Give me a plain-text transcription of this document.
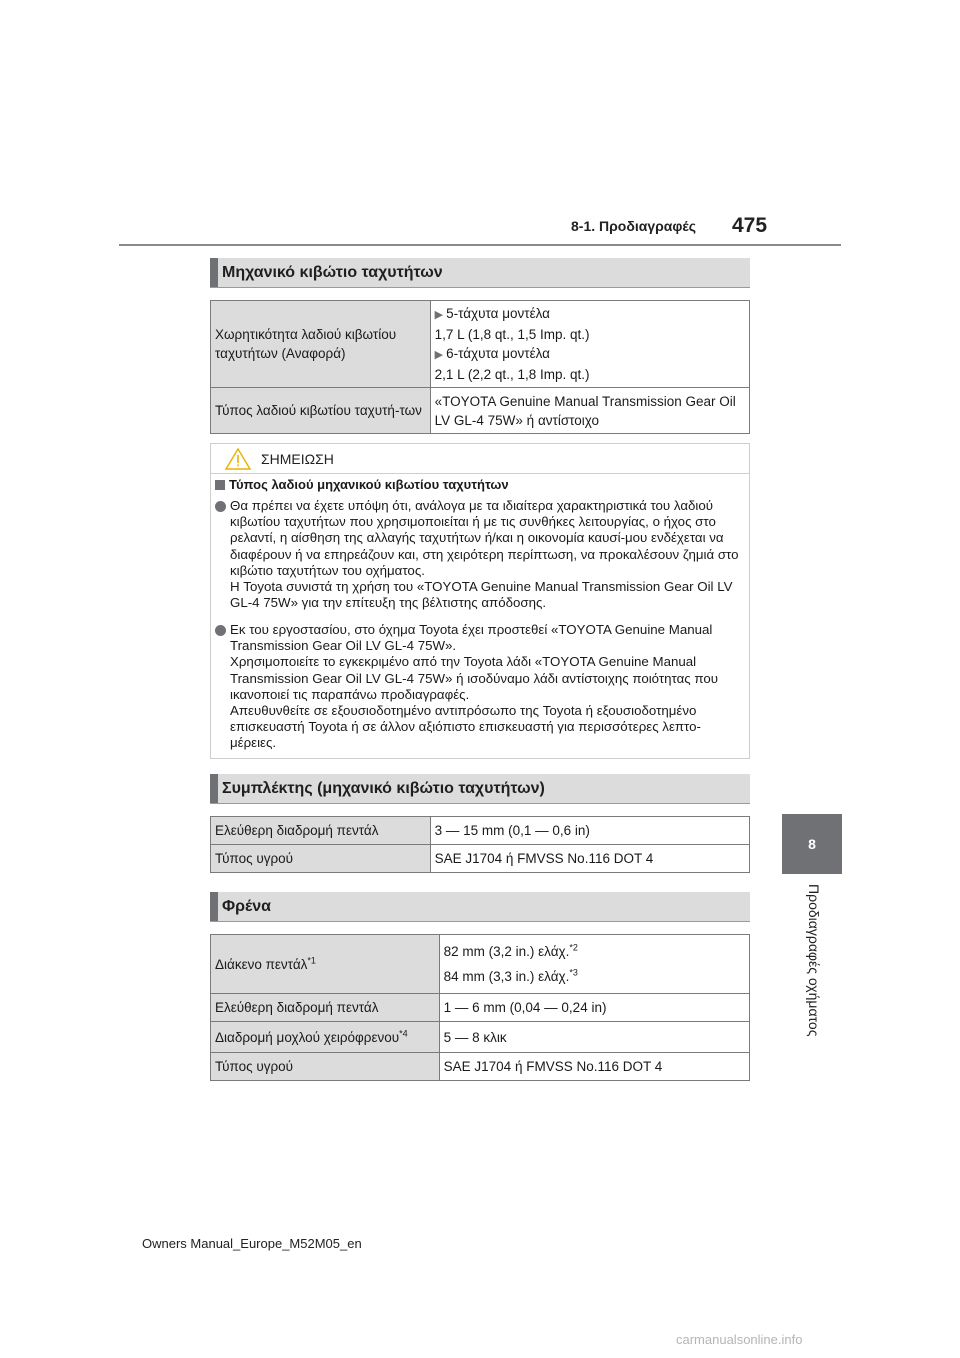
8-1. Προδιαγραφές 475
8
Προδιαγραφές οχήματος
Μηχανικό κιβώτιο ταχυτήτων
Χωρητικότητα λαδιού κιβωτίου ταχυτήτων (Αναφορά)	▶ 5-τάχυτα μοντέλα
1,7 L (1,8 qt., 1,5 Imp. qt.)
▶ 6-τάχυτα μοντέλα
2,1 L (2,2 qt., 1,8 Imp. qt.)

Τύπος λαδιού κιβωτίου ταχυτή-των	«TOYOTA Genuine Manual Transmission Gear Oil LV GL-4 75W» ή αντίστοιχο
ΣΗΜΕΙΩΣΗ
Τύπος λαδιού μηχανικού κιβωτίου ταχυτήτων

Θα πρέπει να έχετε υπόψη ότι, ανάλογα με τα ιδιαίτερα χαρακτηριστικά του λαδιού κιβωτίου ταχυτήτων που χρησιμοποιείται ή με τις συνθήκες λειτουργίας, ο ήχος στο ρελαντί, η αίσθηση της αλλαγής ταχυτήτων ή/και η οικονομία καυσί-μου ενδέχεται να διαφέρουν ή να επηρεάζουν και, στη χειρότερη περίπτωση, να προκαλέσουν ζημιά στο κιβώτιο ταχυτήτων του οχήματος.

Η Toyota συνιστά τη χρήση του «TOYOTA Genuine Manual Transmission Gear Oil LV GL-4 75W» για την επίτευξη της βέλτιστης απόδοσης.

Εκ του εργοστασίου, στο όχημα Toyota έχει προστεθεί «TOYOTA Genuine Manual Transmission Gear Oil LV GL-4 75W».

Χρησιμοποιείτε το εγκεκριμένο από την Toyota λάδι «TOYOTA Genuine Manual Transmission Gear Oil LV GL-4 75W» ή ισοδύναμο λάδι αντίστοιχης ποιότητας που ικανοποιεί τις παραπάνω προδιαγραφές.

Απευθυνθείτε σε εξουσιοδοτημένο αντιπρόσωπο της Toyota ή εξουσιοδοτημένο επισκευαστή Toyota ή σε άλλον αξιόπιστο επισκευαστή για περισσότερες λεπτο-μέρειες.

Συμπλέκτης (μηχανικό κιβώτιο ταχυτήτων)
Ελεύθερη διαδρομή πεντάλ	3 — 15 mm (0,1 — 0,6 in)
Τύπος υγρού	SAE J1704 ή FMVSS No.116 DOT 4
Φρένα
Διάκενο πεντάλ$^{*1}$	82 mm (3,2 in.) ελάχ.$^{*2}$
84 mm (3,3 in.) ελάχ.$^{*3}$

Ελεύθερη διαδρομή πεντάλ	1 — 6 mm (0,04 — 0,24 in)
Διαδρομή μοχλού χειρόφρενου$^{*4}$	5 — 8 κλικ
Τύπος υγρού	SAE J1704 ή FMVSS No.116 DOT 4
Owners Manual_Europe_M52M05_en
carmanualsonline.info
